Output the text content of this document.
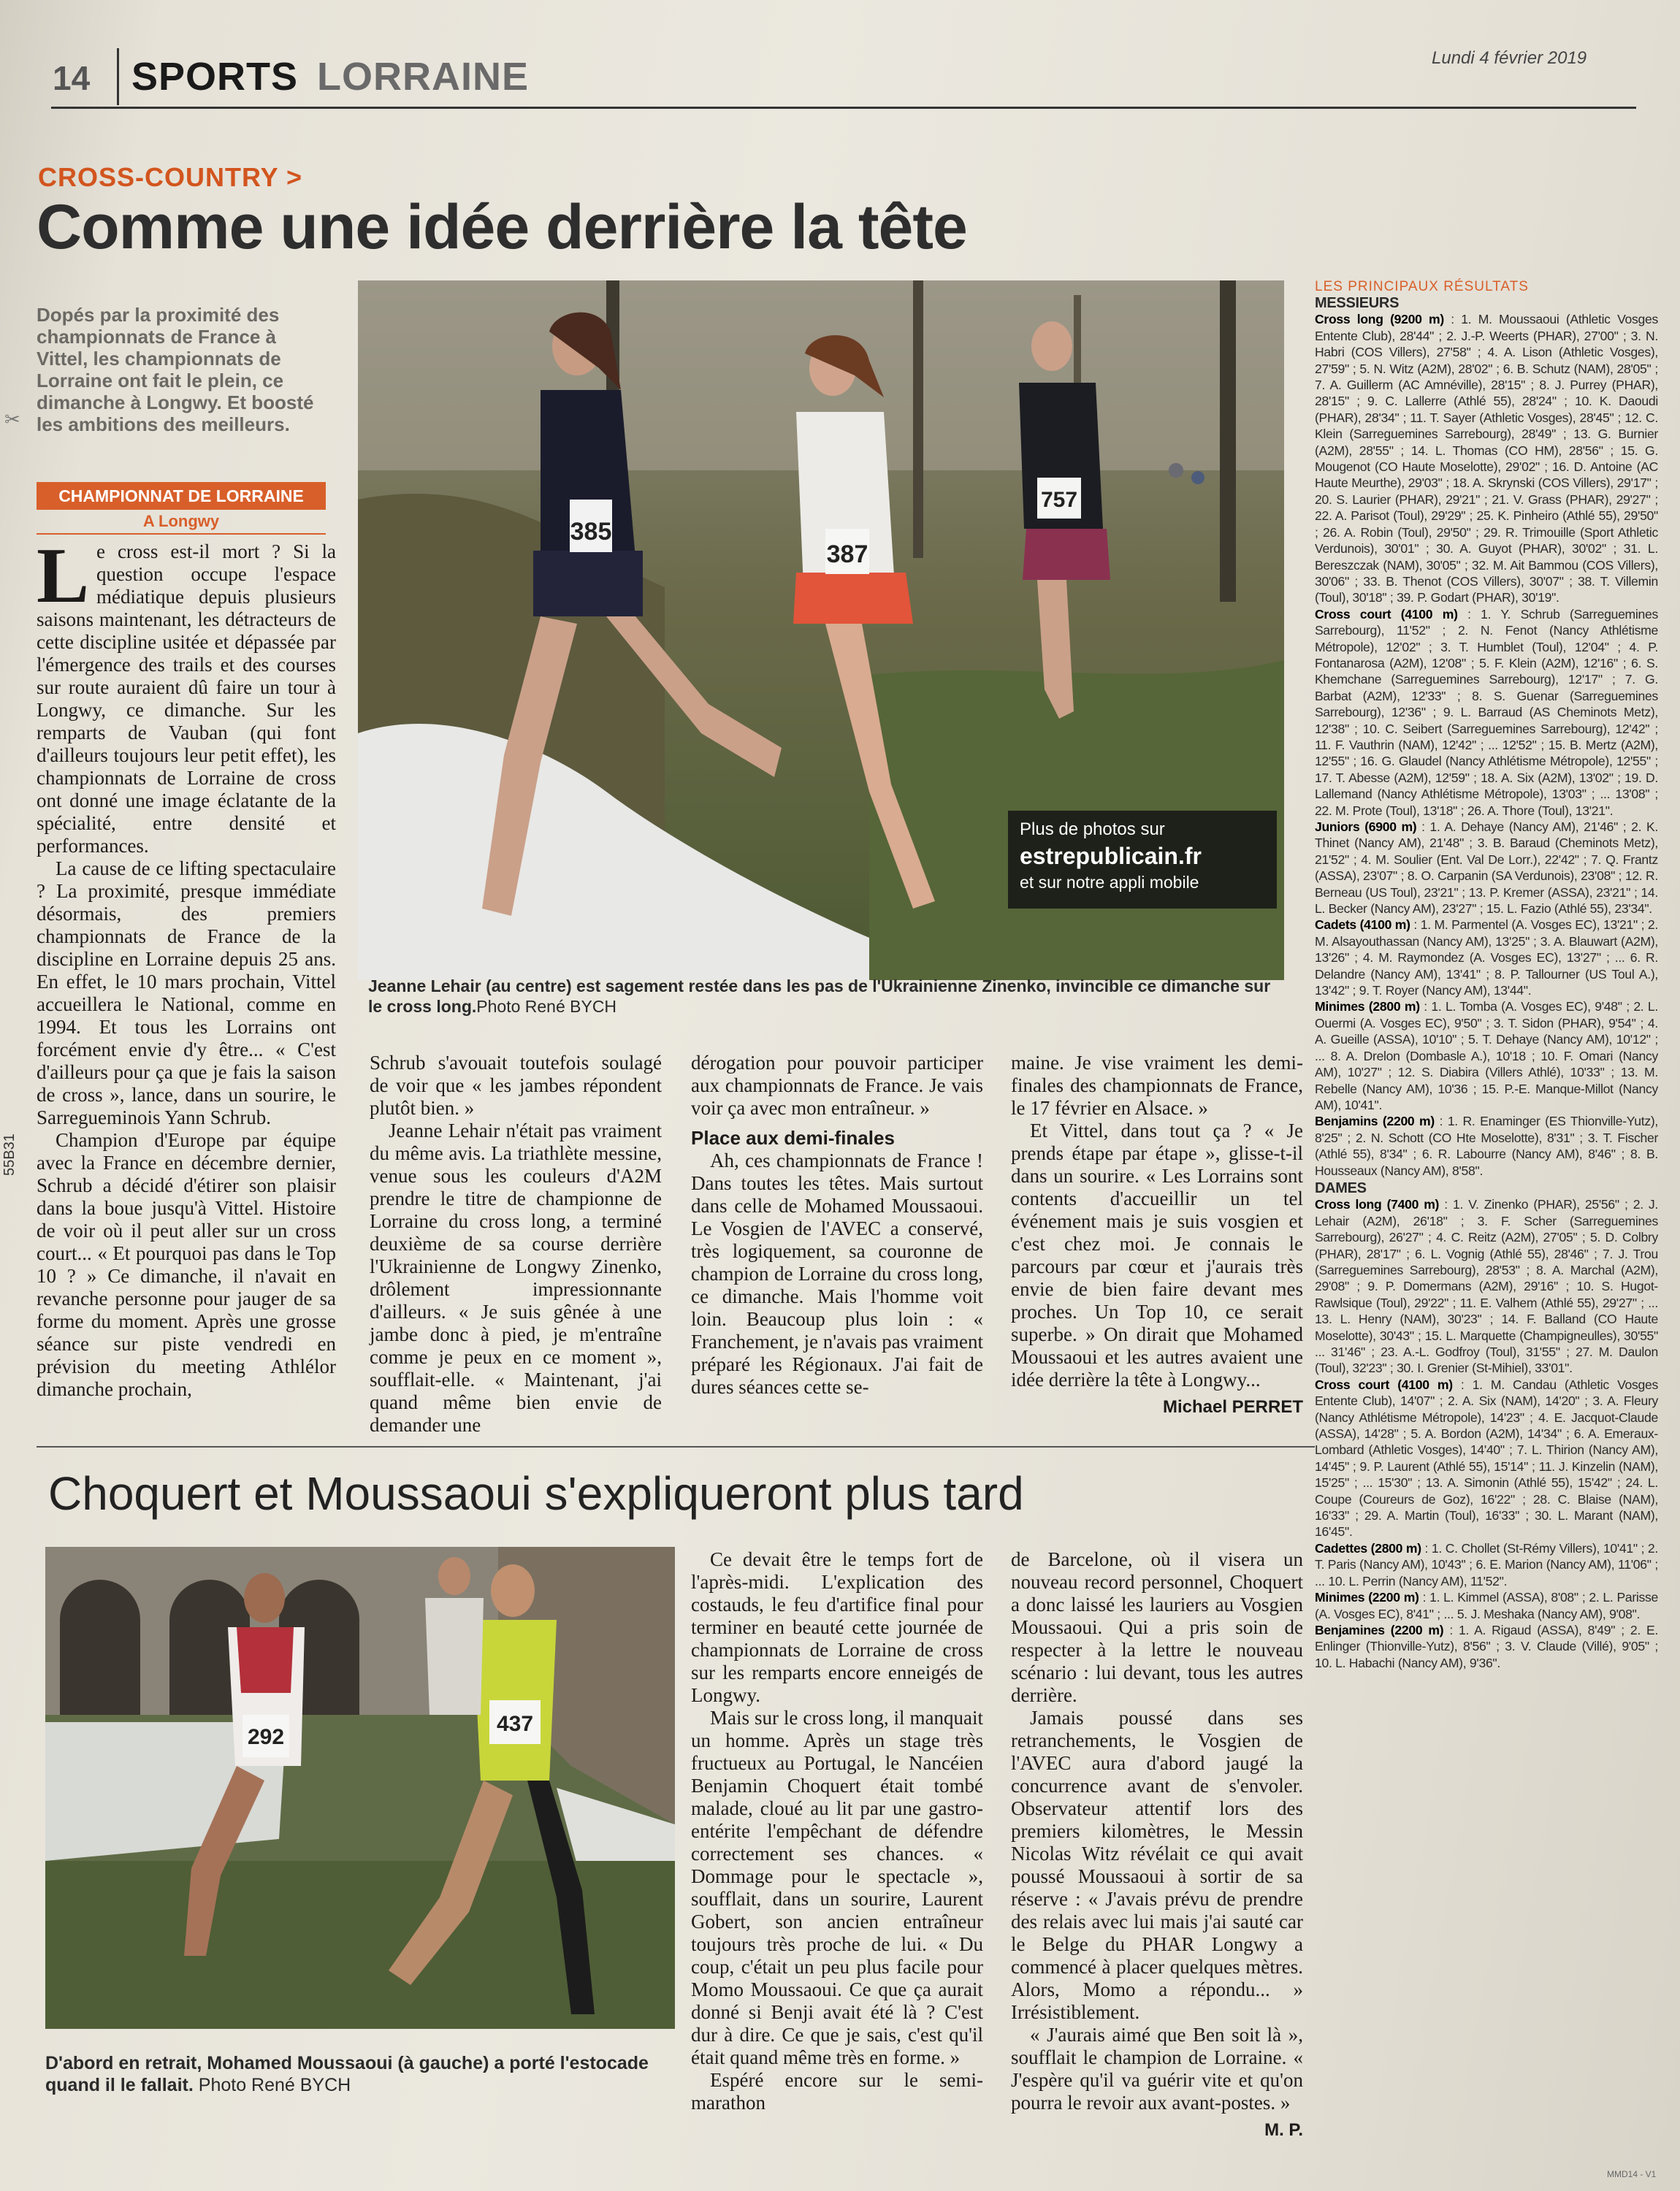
14 SPORTS LORRAINE	Lundi 4 février 2019
CROSS-COUNTRY >
Comme une idée derrière la tête
Dopés par la proximité des championnats de France à Vittel, les championnats de Lorraine ont fait le plein, ce dimanche à Longwy. Et boosté les ambitions des meilleurs.
✂
CHAMPIONNAT DE LORRAINE
A Longwy

Le cross est-il mort ? Si la question occupe l'espace médiatique depuis plusieurs saisons maintenant, les détracteurs de cette discipline usitée et dépassée par l'émergence des trails et des courses sur route auraient dû faire un tour à Longwy, ce dimanche. Sur les remparts de Vauban (qui font d'ailleurs toujours leur petit effet), les championnats de Lorraine de cross ont donné une image éclatante de la spécialité, entre densité et performances.

La cause de ce lifting spectaculaire ? La proximité, presque immédiate désormais, des premiers championnats de France de la discipline en Lorraine depuis 25 ans. En effet, le 10 mars prochain, Vittel accueillera le National, comme en 1994. Et tous les Lorrains ont forcément envie d'y être... « C'est d'ailleurs pour ça que je fais la saison de cross », lance, dans un sourire, le Sarregueminois Yann Schrub.

Champion d'Europe par équipe avec la France en décembre dernier, Schrub a décidé d'étirer son plaisir dans la boue jusqu'à Vittel. Histoire de voir où il peut aller sur un cross court... « Et pourquoi pas dans le Top 10 ? » Ce dimanche, il n'avait en revanche personne pour jauger de sa forme du moment. Après une grosse séance sur piste vendredi en prévision du meeting Athlélor dimanche prochain,

385
387
757
Plus de photos sur
estrepublicain.fr
et sur notre appli mobile
Jeanne Lehair (au centre) est sagement restée dans les pas de l'Ukrainienne Zinenko, invincible ce dimanche sur le cross long.Photo René BYCH

Schrub s'avouait toutefois soulagé de voir que « les jambes répondent plutôt bien. »

Jeanne Lehair n'était pas vraiment du même avis. La triathlète messine, venue sous les couleurs d'A2M prendre le titre de championne de Lorraine du cross long, a terminé deuxième de sa course derrière l'Ukrainienne de Longwy Zinenko, drôlement impressionnante d'ailleurs. « Je suis gênée à une jambe donc à pied, je m'entraîne comme je peux en ce moment », soufflait-elle. « Maintenant, j'ai quand même bien envie de demander une

dérogation pour pouvoir participer aux championnats de France. Je vais voir ça avec mon entraîneur. »

Place aux demi-finales

Ah, ces championnats de France ! Dans toutes les têtes. Mais surtout dans celle de Mohamed Moussaoui. Le Vosgien de l'AVEC a conservé, très logiquement, sa couronne de champion de Lorraine du cross long, ce dimanche. Mais l'homme voit loin. Beaucoup plus loin : « Franchement, je n'avais pas vraiment préparé les Régionaux. J'ai fait de dures séances cette se-

maine. Je vise vraiment les demi-finales des championnats de France, le 17 février en Alsace. »

Et Vittel, dans tout ça ? « Je prends étape par étape », glisse-t-il dans un sourire. « Les Lorrains sont contents d'accueillir un tel événement mais je suis vosgien et c'est chez moi. Je connais le parcours par cœur et j'aurais très envie de bien faire devant mes proches. Un Top 10, ce serait superbe. » On dirait que Mohamed Moussaoui et les autres avaient une idée derrière la tête à Longwy...

Michael PERRET
Choquert et Moussaoui s'expliqueront plus tard
292
437
D'abord en retrait, Mohamed Moussaoui (à gauche) a porté l'estocade quand il le fallait. Photo René BYCH

Ce devait être le temps fort de l'après-midi. L'explication des costauds, le feu d'artifice final pour terminer en beauté cette journée de championnats de Lorraine de cross sur les remparts encore enneigés de Longwy.

Mais sur le cross long, il manquait un homme. Après un stage très fructueux au Portugal, le Nancéien Benjamin Choquert était tombé malade, cloué au lit par une gastro-entérite l'empêchant de défendre correctement ses chances. « Dommage pour le spectacle », soufflait, dans un sourire, Laurent Gobert, son ancien entraîneur toujours très proche de lui. « Du coup, c'était un peu plus facile pour Momo Moussaoui. Ce que ça aurait donné si Benji avait été là ? C'est dur à dire. Ce que je sais, c'est qu'il était quand même très en forme. »

Espéré encore sur le semi-marathon

de Barcelone, où il visera un nouveau record personnel, Choquert a donc laissé les lauriers au Vosgien Moussaoui. Qui a pris soin de respecter à la lettre le nouveau scénario : lui devant, tous les autres derrière.

Jamais poussé dans ses retranchements, le Vosgien de l'AVEC aura d'abord jaugé la concurrence avant de s'envoler. Observateur attentif lors des premiers kilomètres, le Messin Nicolas Witz révélait ce qui avait poussé Moussaoui à sortir de sa réserve : « J'avais prévu de prendre des relais avec lui mais j'ai sauté car le Belge du PHAR Longwy a commencé à placer quelques mètres. Alors, Momo a répondu... » Irrésistiblement.

« J'aurais aimé que Ben soit là », soufflait le champion de Lorraine. « J'espère qu'il va guérir vite et qu'on pourra le revoir aux avant-postes. »

M. P.
LES PRINCIPAUX RÉSULTATS
MESSIEURS
Cross long (9200 m) : 1. M. Moussaoui (Athletic Vosges Entente Club), 28'44" ; 2. J.-P. Weerts (PHAR), 27'00" ; 3. N. Habri (COS Villers), 27'58" ; 4. A. Lison (Athletic Vosges), 27'59" ; 5. N. Witz (A2M), 28'02" ; 6. B. Schutz (NAM), 28'05" ; 7. A. Guillerm (AC Amnéville), 28'15" ; 8. J. Purrey (PHAR), 28'15" ; 9. C. Lallerre (Athlé 55), 28'24" ; 10. K. Daoudi (PHAR), 28'34" ; 11. T. Sayer (Athletic Vosges), 28'45" ; 12. C. Klein (Sarreguemines Sarrebourg), 28'49" ; 13. G. Burnier (A2M), 28'55" ; 14. L. Thomas (CO HM), 28'56" ; 15. G. Mougenot (CO Haute Moselotte), 29'02" ; 16. D. Antoine (AC Haute Meurthe), 29'03" ; 18. A. Skrynski (COS Villers), 29'17" ; 20. S. Laurier (PHAR), 29'21" ; 21. V. Grass (PHAR), 29'27" ; 22. A. Parisot (Toul), 29'29" ; 25. K. Pinheiro (Athlé 55), 29'50" ; 26. A. Robin (Toul), 29'50" ; 29. R. Trimouille (Sport Athletic Verdunois), 30'01" ; 30. A. Guyot (PHAR), 30'02" ; 31. L. Bereszczak (NAM), 30'05" ; 32. M. Ait Bammou (COS Villers), 30'06" ; 33. B. Thenot (COS Villers), 30'07" ; 38. T. Villemin (Toul), 30'18" ; 39. P. Godart (PHAR), 30'19".
Cross court (4100 m) : 1. Y. Schrub (Sarreguemines Sarrebourg), 11'52" ; 2. N. Fenot (Nancy Athlétisme Métropole), 12'02" ; 3. T. Humblet (Toul), 12'04" ; 4. P. Fontanarosa (A2M), 12'08" ; 5. F. Klein (A2M), 12'16" ; 6. S. Khemchane (Sarreguemines Sarrebourg), 12'17" ; 7. G. Barbat (A2M), 12'33" ; 8. S. Guenar (Sarreguemines Sarrebourg), 12'36" ; 9. L. Barraud (AS Cheminots Metz), 12'38" ; 10. C. Seibert (Sarreguemines Sarrebourg), 12'42" ; 11. F. Vauthrin (NAM), 12'42" ; ... 12'52" ; 15. B. Mertz (A2M), 12'55" ; 16. G. Glaudel (Nancy Athlétisme Métropole), 12'55" ; 17. T. Abesse (A2M), 12'59" ; 18. A. Six (A2M), 13'02" ; 19. D. Lallemand (Nancy Athlétisme Métropole), 13'03" ; ... 13'08" ; 22. M. Prote (Toul), 13'18" ; 26. A. Thore (Toul), 13'21".
Juniors (6900 m) : 1. A. Dehaye (Nancy AM), 21'46" ; 2. K. Thinet (Nancy AM), 21'48" ; 3. B. Baraud (Cheminots Metz), 21'52" ; 4. M. Soulier (Ent. Val De Lorr.), 22'42" ; 7. Q. Frantz (ASSA), 23'07" ; 8. O. Carpanin (SA Verdunois), 23'08" ; 12. R. Berneau (US Toul), 23'21" ; 13. P. Kremer (ASSA), 23'21" ; 14. L. Becker (Nancy AM), 23'27" ; 15. L. Fazio (Athlé 55), 23'34".
Cadets (4100 m) : 1. M. Parmentel (A. Vosges EC), 13'21" ; 2. M. Alsayouthassan (Nancy AM), 13'25" ; 3. A. Blauwart (A2M), 13'26" ; 4. M. Raymondez (A. Vosges EC), 13'27" ; ... 6. R. Delandre (Nancy AM), 13'41" ; 8. P. Tallourner (US Toul A.), 13'42" ; 9. T. Royer (Nancy AM), 13'44".
Minimes (2800 m) : 1. L. Tomba (A. Vosges EC), 9'48" ; 2. L. Ouermi (A. Vosges EC), 9'50" ; 3. T. Sidon (PHAR), 9'54" ; 4. A. Gueille (ASSA), 10'10" ; 5. T. Dehaye (Nancy AM), 10'12" ; ... 8. A. Drelon (Dombasle A.), 10'18 ; 10. F. Omari (Nancy AM), 10'27" ; 12. S. Diabira (Villers Athlé), 10'33" ; 13. M. Rebelle (Nancy AM), 10'36 ; 15. P.-E. Manque-Millot (Nancy AM), 10'41".
Benjamins (2200 m) : 1. R. Enaminger (ES Thionville-Yutz), 8'25" ; 2. N. Schott (CO Hte Moselotte), 8'31" ; 3. T. Fischer (Athlé 55), 8'34" ; 6. R. Labourre (Nancy AM), 8'46" ; 8. B. Housseaux (Nancy AM), 8'58".
DAMES
Cross long (7400 m) : 1. V. Zinenko (PHAR), 25'56" ; 2. J. Lehair (A2M), 26'18" ; 3. F. Scher (Sarreguemines Sarrebourg), 26'27" ; 4. C. Reitz (A2M), 27'05" ; 5. D. Colbry (PHAR), 28'17" ; 6. L. Vognig (Athlé 55), 28'46" ; 7. J. Trou (Sarreguemines Sarrebourg), 28'53" ; 8. A. Marchal (A2M), 29'08" ; 9. P. Domermans (A2M), 29'16" ; 10. S. Hugot-Rawlsique (Toul), 29'22" ; 11. E. Valhem (Athlé 55), 29'27" ; ... 13. L. Henry (NAM), 30'23" ; 14. F. Balland (CO Haute Moselotte), 30'43" ; 15. L. Marquette (Champigneulles), 30'55" ... 31'46" ; 23. A.-L. Godfroy (Toul), 31'55" ; 27. M. Daulon (Toul), 32'23" ; 30. I. Grenier (St-Mihiel), 33'01".
Cross court (4100 m) : 1. M. Candau (Athletic Vosges Entente Club), 14'07" ; 2. A. Six (NAM), 14'20" ; 3. A. Fleury (Nancy Athlétisme Métropole), 14'23" ; 4. E. Jacquot-Claude (ASSA), 14'28" ; 5. A. Bordon (A2M), 14'34" ; 6. A. Emeraux-Lombard (Athletic Vosges), 14'40" ; 7. L. Thirion (Nancy AM), 14'45" ; 9. P. Laurent (Athlé 55), 15'14" ; 11. J. Kinzelin (NAM), 15'25" ; ... 15'30" ; 13. A. Simonin (Athlé 55), 15'42" ; 24. L. Coupe (Coureurs de Goz), 16'22" ; 28. C. Blaise (NAM), 16'33" ; 29. A. Martin (Toul), 16'33" ; 30. L. Marant (NAM), 16'45".
Cadettes (2800 m) : 1. C. Chollet (St-Rémy Villers), 10'41" ; 2. T. Paris (Nancy AM), 10'43" ; 6. E. Marion (Nancy AM), 11'06" ; ... 10. L. Perrin (Nancy AM), 11'52".
Minimes (2200 m) : 1. L. Kimmel (ASSA), 8'08" ; 2. L. Parisse (A. Vosges EC), 8'41" ; ... 5. J. Meshaka (Nancy AM), 9'08".
Benjamines (2200 m) : 1. A. Rigaud (ASSA), 8'49" ; 2. E. Enlinger (Thionville-Yutz), 8'56" ; 3. V. Claude (Villé), 9'05" ; 10. L. Habachi (Nancy AM), 9'36".
55B31
MMD14 - V1
